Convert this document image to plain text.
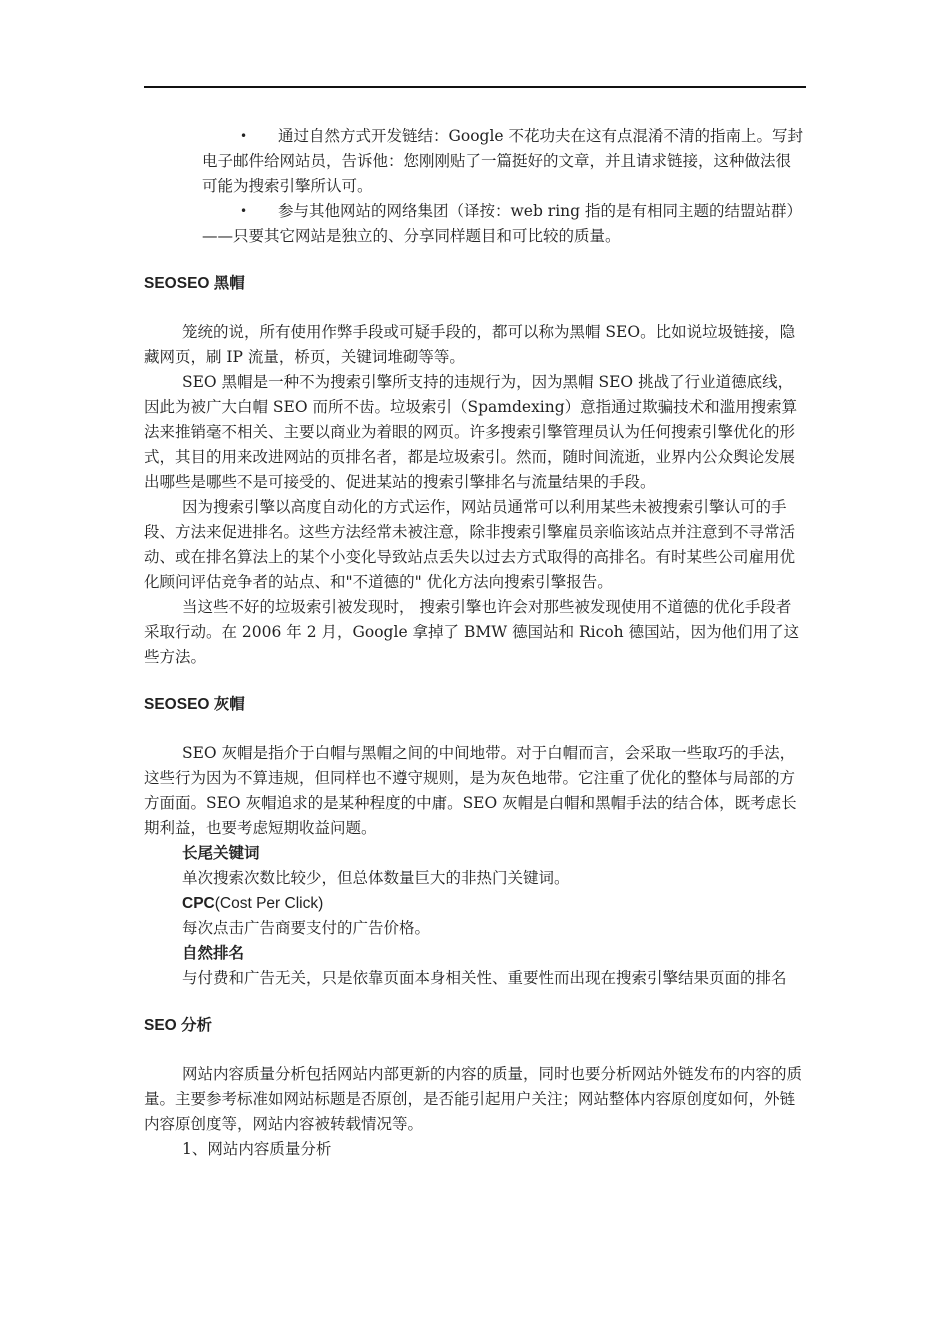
•	通过自然方式开发链结：Google 不花功夫在这有点混淆不清的指南上。写封电子邮件给网站员，告诉他：您刚刚贴了一篇挺好的文章，并且请求链接，这种做法很可能为搜索引擎所认可。

•	参与其他网站的网络集团（译按：web ring 指的是有相同主题的结盟站群）——只要其它网站是独立的、分享同样题目和可比较的质量。

SEOSEO 黑帽

笼统的说，所有使用作弊手段或可疑手段的，都可以称为黑帽 SEO。比如说垃圾链接，隐藏网页，刷 IP 流量，桥页，关键词堆砌等等。

SEO 黑帽是一种不为搜索引擎所支持的违规行为，因为黑帽 SEO 挑战了行业道德底线，因此为被广大白帽 SEO 而所不齿。垃圾索引（Spamdexing）意指通过欺骗技术和滥用搜索算法来推销毫不相关、主要以商业为着眼的网页。许多搜索引擎管理员认为任何搜索引擎优化的形式，其目的用来改进网站的页排名者，都是垃圾索引。然而，随时间流逝，业界内公众舆论发展出哪些是哪些不是可接受的、促进某站的搜索引擎排名与流量结果的手段。

因为搜索引擎以高度自动化的方式运作，网站员通常可以利用某些未被搜索引擎认可的手段、方法来促进排名。这些方法经常未被注意，除非搜索引擎雇员亲临该站点并注意到不寻常活动、或在排名算法上的某个小变化导致站点丢失以过去方式取得的高排名。有时某些公司雇用优化顾问评估竞争者的站点、和"不道德的" 优化方法向搜索引擎报告。

当这些不好的垃圾索引被发现时， 搜索引擎也许会对那些被发现使用不道德的优化手段者采取行动。在 2006 年 2 月，Google 拿掉了 BMW 德国站和 Ricoh 德国站，因为他们用了这些方法。

SEOSEO 灰帽

SEO 灰帽是指介于白帽与黑帽之间的中间地带。对于白帽而言，会采取一些取巧的手法，这些行为因为不算违规，但同样也不遵守规则，是为灰色地带。它注重了优化的整体与局部的方方面面。SEO 灰帽追求的是某种程度的中庸。SEO 灰帽是白帽和黑帽手法的结合体，既考虑长期利益，也要考虑短期收益问题。

长尾关键词

单次搜索次数比较少，但总体数量巨大的非热门关键词。

CPC(Cost Per Click)

每次点击广告商要支付的广告价格。

自然排名

与付费和广告无关，只是依靠页面本身相关性、重要性而出现在搜索引擎结果页面的排名

SEO 分析

网站内容质量分析包括网站内部更新的内容的质量，同时也要分析网站外链发布的内容的质量。主要参考标准如网站标题是否原创，是否能引起用户关注；网站整体内容原创度如何，外链内容原创度等，网站内容被转载情况等。

1、网站内容质量分析
